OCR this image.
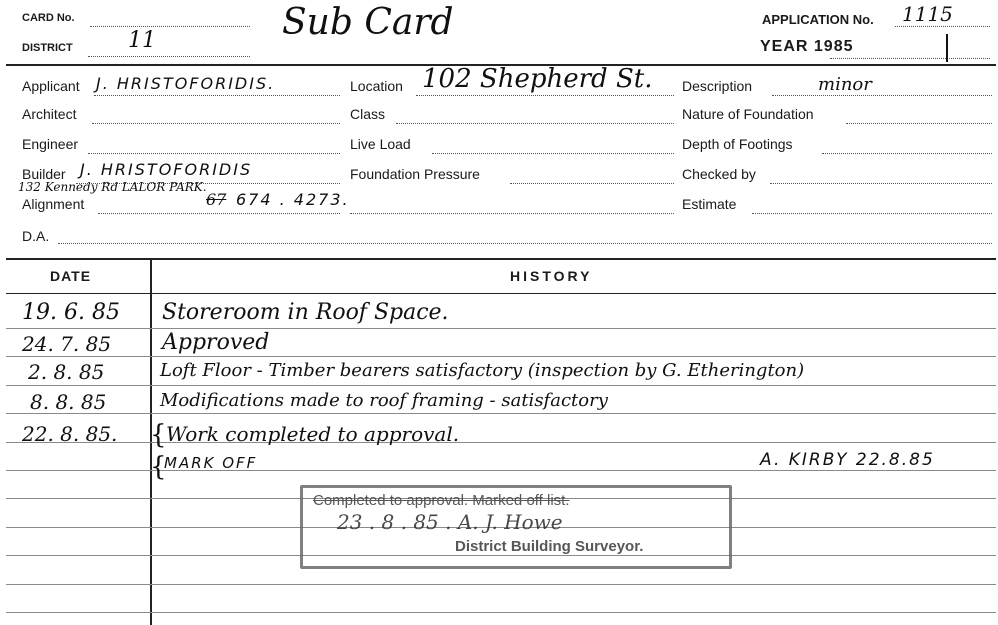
CARD No.
DISTRICT	11	Sub Card	APPLICATION No. 1115
YEAR 1985
Applicant J. HRISTOFORIDIS.
Architect
Engineer
Builder J. HRISTOFORIDIS
132 Kennedy Rd LALOR PARK.
Alignment	67 674 . 4273.
D.A.
Location 102 Shepherd St.
Class
Live Load
Foundation Pressure
Description	minor
Nature of Foundation
Depth of Footings
Checked by
Estimate
DATE	HISTORY
19. 6. 85 Storeroom in Roof Space.
24. 7. 85 Approved
2. 8. 85	Loft Floor - Timber bearers satisfactory (inspection by G. Etherington)
8. 8. 85	Modifications made to roof framing - satisfactory
22. 8. 85. { Work completed to approval.
{
MARK OFF	A. KIRBY 22.8.85
Completed to approval. Marked off list.
23 . 8 . 85 . A. J. Howe
District Building Surveyor.
